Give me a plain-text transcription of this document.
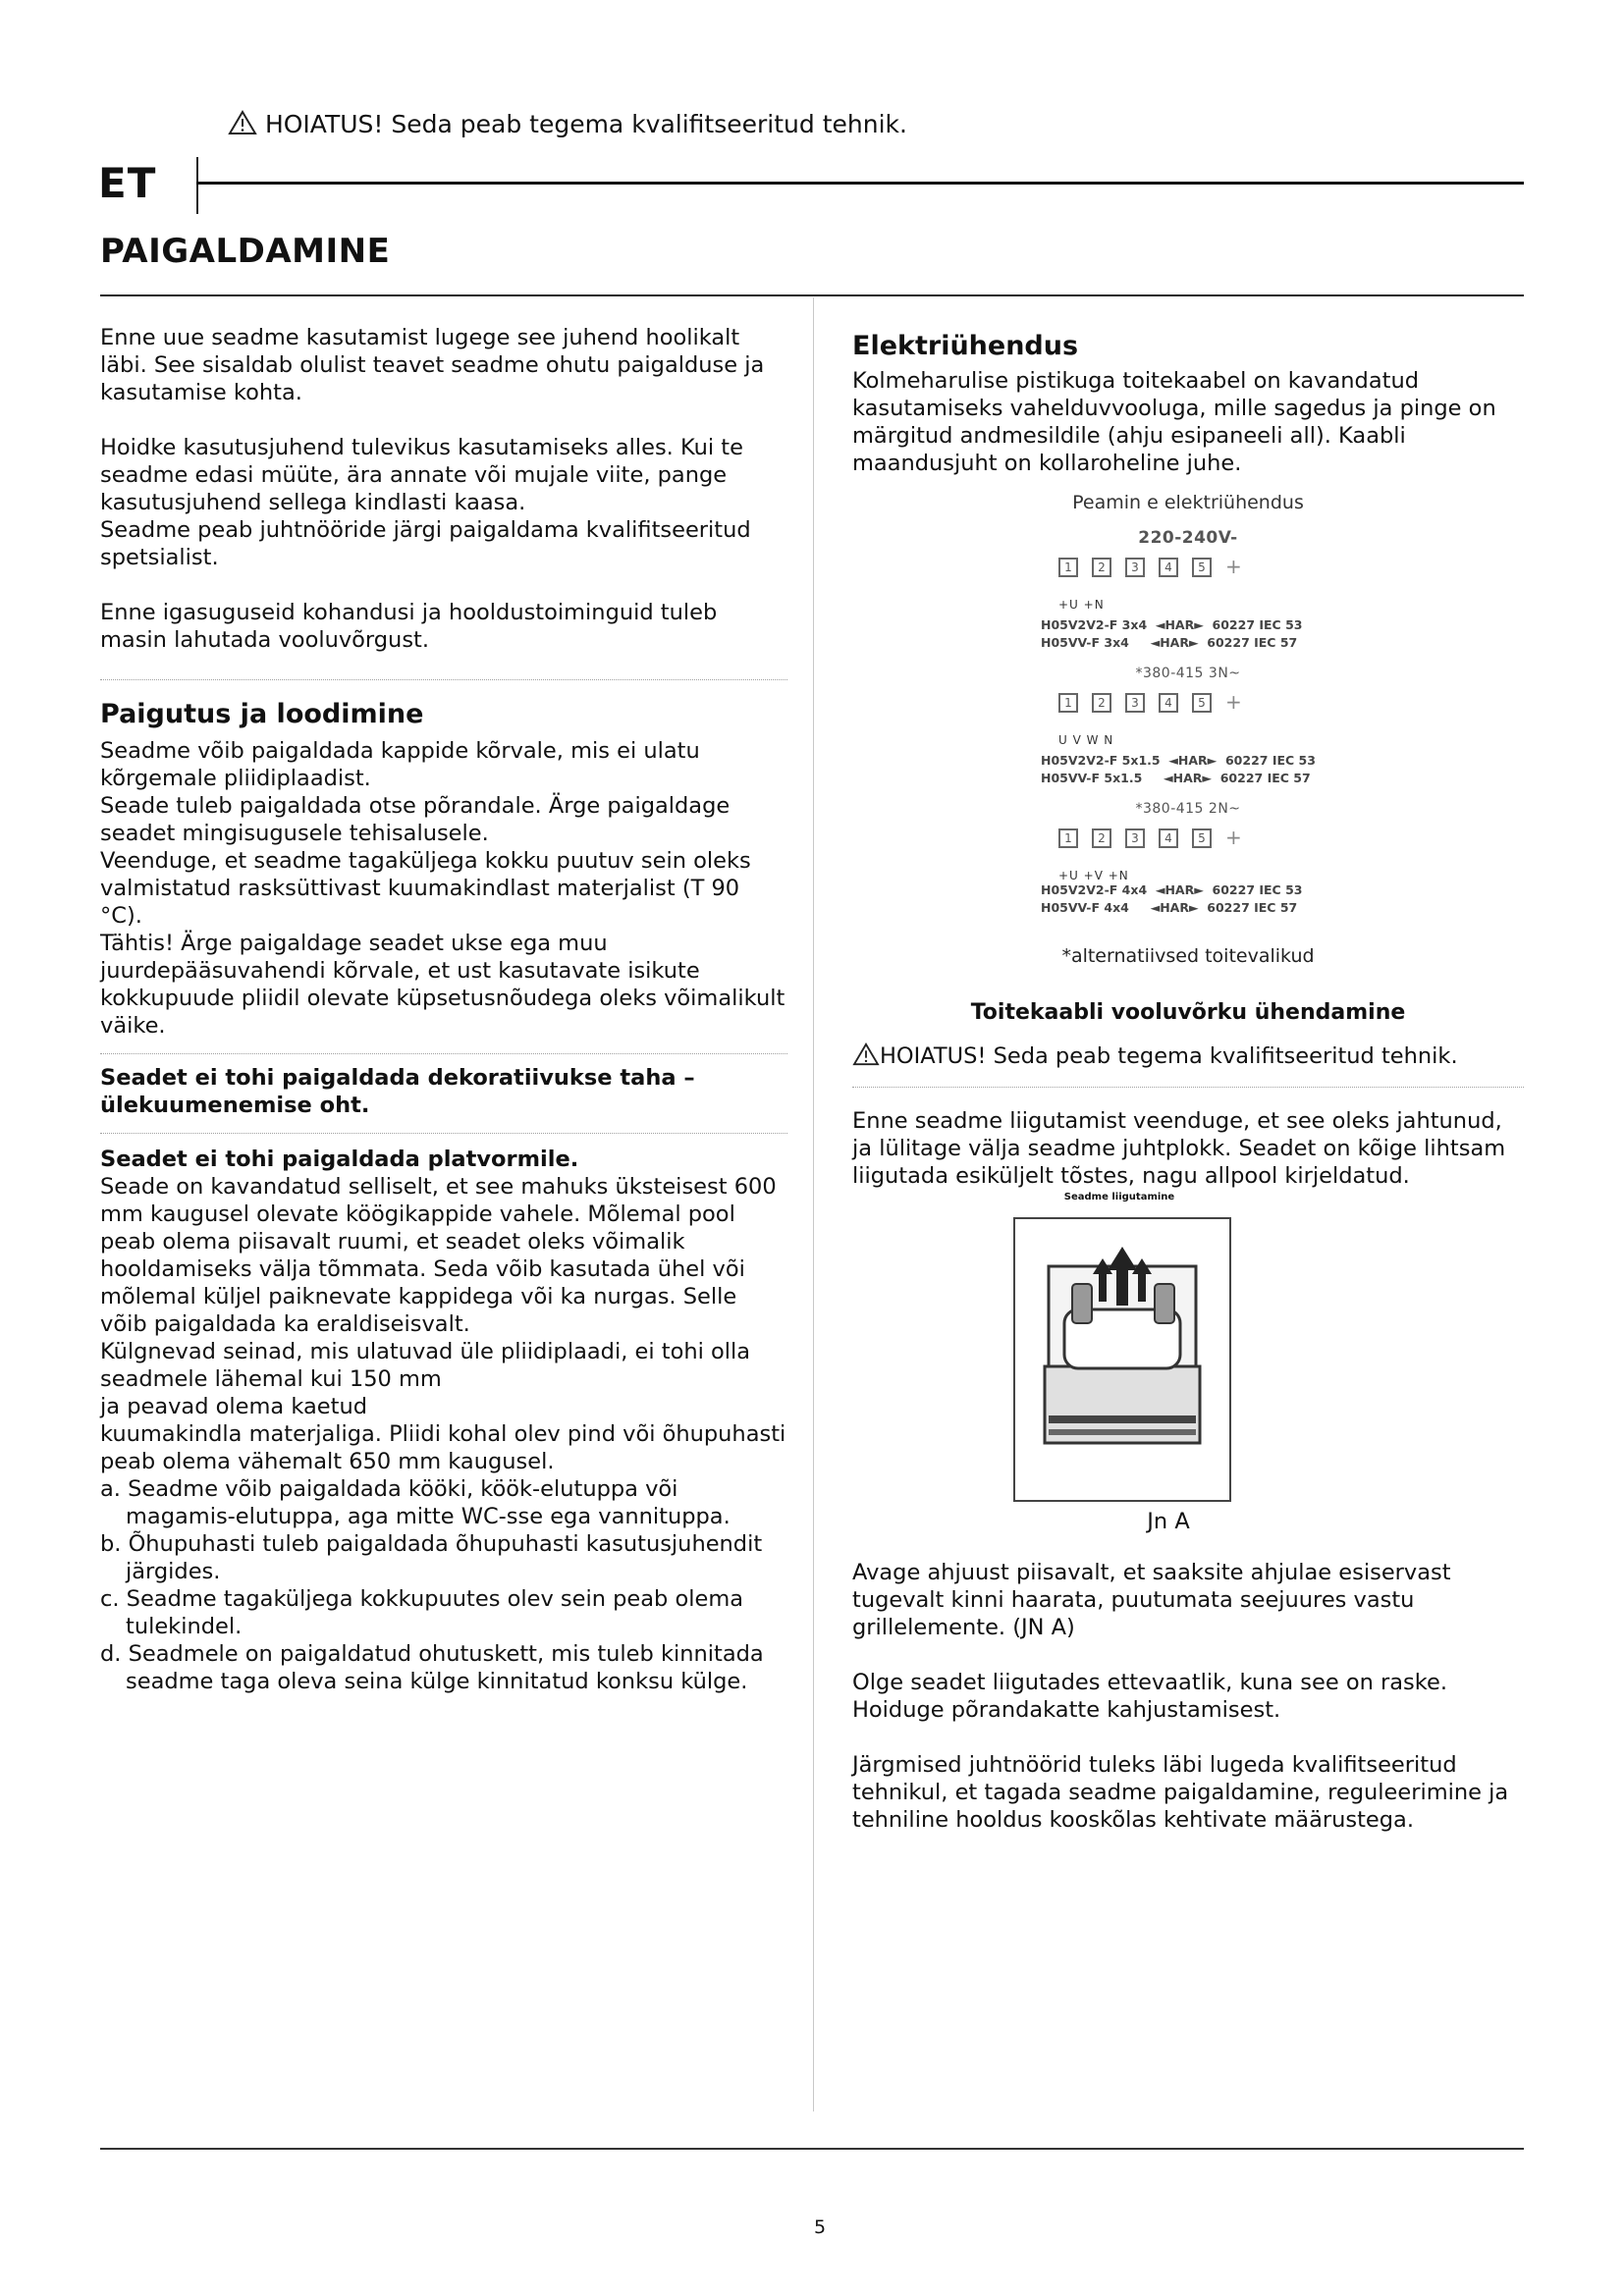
HOIATUS! Seda peab tegema kvalifitseeritud tehnik.
ET
PAIGALDAMINE

Enne uue seadme kasutamist lugege see juhend hoolikalt läbi. See sisaldab olulist teavet seadme ohutu paigalduse ja kasutamise kohta.

Hoidke kasutusjuhend tulevikus kasutamiseks alles. Kui te seadme edasi müüte, ära annate või mujale viite, pange kasutusjuhend sellega kindlasti kaasa.

Seadme peab juhtnööride järgi paigaldama kvalifitseeritud spetsialist.

Enne igasuguseid kohandusi ja hooldustoiminguid tuleb masin lahutada vooluvõrgust.

Paigutus ja loodimine

Seadme võib paigaldada kappide kõrvale, mis ei ulatu kõrgemale pliidiplaadist.

Seade tuleb paigaldada otse põrandale. Ärge paigaldage seadet mingisugusele tehisalusele.

Veenduge, et seadme tagaküljega kokku puutuv sein oleks valmistatud rasksüttivast kuumakindlast materjalist (T 90 °C).

Tähtis! Ärge paigaldage seadet ukse ega muu juurdepääsuvahendi kõrvale, et ust kasutavate isikute kokkupuude pliidil olevate küpsetusnõudega oleks võimalikult väike.

Seadet ei tohi paigaldada dekoratiivukse taha – ülekuumenemise oht.

Seadet ei tohi paigaldada platvormile.

Seade on kavandatud selliselt, et see mahuks üksteisest 600 mm kaugusel olevate köögikappide vahele. Mõlemal pool peab olema piisavalt ruumi, et seadet oleks võimalik hooldamiseks välja tõmmata. Seda võib kasutada ühel või mõlemal küljel paiknevate kappidega või ka nurgas. Selle võib paigaldada ka eraldiseisvalt.

Külgnevad seinad, mis ulatuvad üle pliidiplaadi, ei tohi olla seadmele lähemal kui 150 mm

ja peavad olema kaetud

kuumakindla materjaliga. Pliidi kohal olev pind või õhupuhasti peab olema vähemalt 650 mm kaugusel.

a. Seadme võib paigaldada kööki, köök-elutuppa või magamis-elutuppa, aga mitte WC-sse ega vannituppa.

b. Õhupuhasti tuleb paigaldada õhupuhasti kasutusjuhendit järgides.

c. Seadme tagaküljega kokkupuutes olev sein peab olema tulekindel.

d. Seadmele on paigaldatud ohutuskett, mis tuleb kinnitada seadme taga oleva seina külge kinnitatud konksu külge.

Elektriühendus

Kolmeharulise pistikuga toitekaabel on kavandatud kasutamiseks vahelduvvooluga, mille sagedus ja pinge on märgitud andmesildile (ahju esipaneeli all). Kaabli maandusjuht on kollaroheline juhe.

Peamin e elektriühendus
220-240V-
1	2	3	4	5	+
+U +N
H05V2V2-F 3x4  ◄HAR►  60227 IEC 53
H05VV-F 3x4     ◄HAR►  60227 IEC 57
*380-415 3N~
1	2	3	4	5	+
U V W N
H05V2V2-F 5x1.5  ◄HAR►  60227 IEC 53
H05VV-F 5x1.5     ◄HAR►  60227 IEC 57
*380-415 2N~
1	2	3	4	5	+
+U +V +N
H05V2V2-F 4x4  ◄HAR►  60227 IEC 53
H05VV-F 4x4     ◄HAR►  60227 IEC 57
*alternatiivsed toitevalikud

Toitekaabli vooluvõrku ühendamine

HOIATUS! Seda peab tegema kvalifitseeritud tehnik.

Enne seadme liigutamist veenduge, et see oleks jahtunud, ja lülitage välja seadme juhtplokk. Seadet on kõige lihtsam liigutada esiküljelt tõstes, nagu allpool kirjeldatud.

Seadme liigutamine

Jn A

Avage ahjuust piisavalt, et saaksite ahjulae esiservast tugevalt kinni haarata, puutumata seejuures vastu grillelemente. (JN A)

Olge seadet liigutades ettevaatlik, kuna see on raske. Hoiduge põrandakatte kahjustamisest.

Järgmised juhtnöörid tuleks läbi lugeda kvalifitseeritud tehnikul, et tagada seadme paigaldamine, reguleerimine ja tehniline hooldus kooskõlas kehtivate määrustega.

5
